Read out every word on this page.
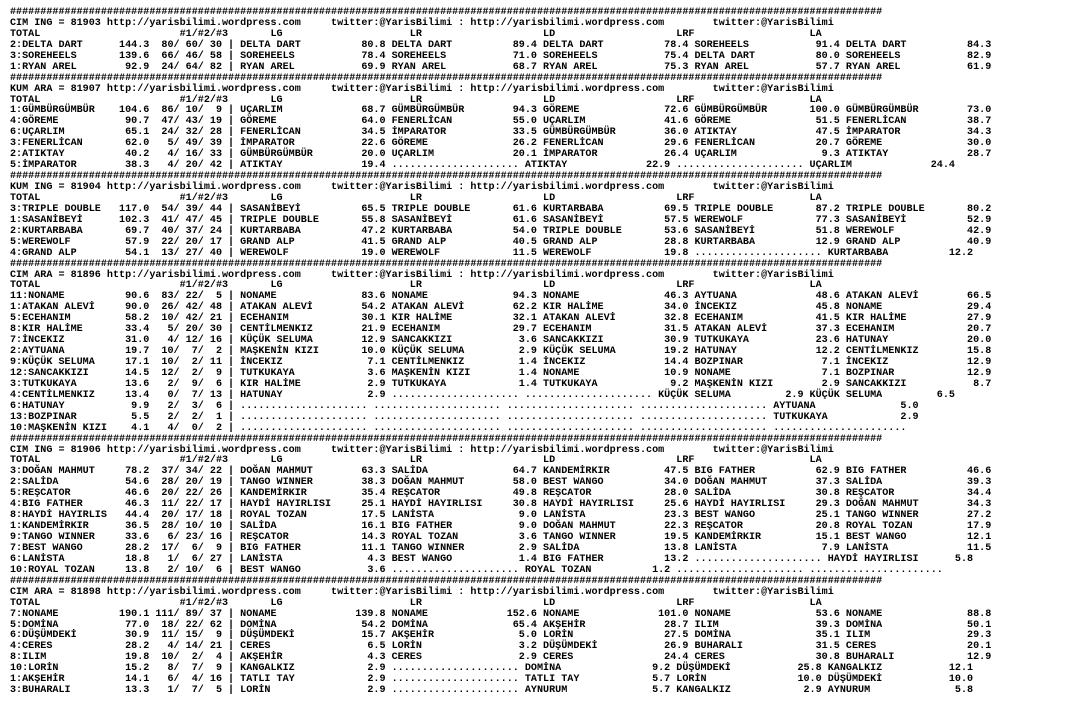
################################################################################################################################################
CIM ING = 81903 http://yarisbilimi.wordpress.com     twitter:@YarisBilimi : http://yarisbilimi.wordpress.com        twitter:@YarisBilimi
TOTAL                       #1/#2/#3       LG                     LR                    LD                    LRF                   LA
2:DELTA DART      144.3  80/ 60/ 30 | DELTA DART          80.8 DELTA DART          89.4 DELTA DART          78.4 SOREHEELS           91.4 DELTA DART          84.3
3:SOREHEELS       139.6  66/ 46/ 58 | SOREHEELS           78.4 SOREHEELS           71.0 SOREHEELS           75.4 DELTA DART          80.0 SOREHEELS           82.9
1:RYAN AREL        92.9  24/ 64/ 82 | RYAN AREL           69.9 RYAN AREL           68.7 RYAN AREL           75.3 RYAN AREL           57.7 RYAN AREL           61.9
################################################################################################################################################
KUM ARA = 81907 http://yarisbilimi.wordpress.com     twitter:@YarisBilimi : http://yarisbilimi.wordpress.com        twitter:@YarisBilimi
TOTAL                       #1/#2/#3       LG                     LR                    LD                    LRF                   LA
1:GÜMBÜRGÜMBÜR    104.6  86/ 10/  9 | UÇARLIM             68.7 GÜMBÜRGÜMBÜR        94.3 GÖREME              72.6 GÜMBÜRGÜMBÜR       100.0 GÜMBÜRGÜMBÜR        73.0
4:GÖREME           90.7  47/ 43/ 19 | GÖREME              64.0 FENERLİCAN          55.0 UÇARLIM             41.6 GÖREME              51.5 FENERLİCAN          38.7
6:UÇARLIM          65.1  24/ 32/ 28 | FENERLİCAN          34.5 İMPARATOR           33.5 GÜMBÜRGÜMBÜR        36.0 ATIKTAY             47.5 İMPARATOR           34.3
3:FENERLİCAN       62.0   5/ 49/ 39 | İMPARATOR           22.6 GÖREME              26.2 FENERLİCAN          29.6 FENERLİCAN          20.7 GÖREME              30.0
2:ATIKTAY          40.2   4/ 16/ 33 | GÜMBÜRGÜMBÜR        20.0 UÇARLIM             20.1 İMPARATOR           26.4 UÇARLIM              9.3 ATIKTAY             28.7
5:İMPARATOR        38.3   4/ 20/ 42 | ATIKTAY             19.4 ..................... ATIKTAY             22.9 ..................... UÇARLIM             24.4
################################################################################################################################################
KUM ING = 81904 http://yarisbilimi.wordpress.com     twitter:@YarisBilimi : http://yarisbilimi.wordpress.com        twitter:@YarisBilimi
TOTAL                       #1/#2/#3       LG                     LR                    LD                    LRF                   LA
3:TRIPLE DOUBLE   117.0  54/ 39/ 44 | SASANİBEYİ          65.5 TRIPLE DOUBLE       61.6 KURTARBABA          69.5 TRIPLE DOUBLE       87.2 TRIPLE DOUBLE       80.2
1:SASANİBEYİ      102.3  41/ 47/ 45 | TRIPLE DOUBLE       55.8 SASANİBEYİ          61.6 SASANİBEYİ          57.5 WEREWOLF            77.3 SASANİBEYİ          52.9
2:KURTARBABA       69.7  40/ 37/ 24 | KURTARBABA          47.2 KURTARBABA          54.0 TRIPLE DOUBLE       53.6 SASANİBEYİ          51.8 WEREWOLF            42.9
5:WEREWOLF         57.9  22/ 20/ 17 | GRAND ALP           41.5 GRAND ALP           40.5 GRAND ALP           28.8 KURTARBABA          12.9 GRAND ALP           40.9
4:GRAND ALP        54.1  13/ 27/ 40 | WEREWOLF            19.0 WEREWOLF            11.5 WEREWOLF            19.8 ..................... KURTARBABA          12.2
################################################################################################################################################
CIM ARA = 81896 http://yarisbilimi.wordpress.com     twitter:@YarisBilimi : http://yarisbilimi.wordpress.com        twitter:@YarisBilimi
TOTAL                       #1/#2/#3       LG                     LR                    LD                    LRF                   LA
11:NONAME          90.6  83/ 22/  5 | NONAME              83.6 NONAME              94.3 NONAME              46.3 AYTUANA             48.6 ATAKAN ALEVİ        66.5
1:ATAKAN ALEVİ     90.0  26/ 42/ 48 | ATAKAN ALEVİ        54.2 ATAKAN ALEVİ        62.2 KIR HALİME          34.0 İNCEKIZ             45.8 NONAME              29.4
5:ECEHANIM         58.2  10/ 42/ 21 | ECEHANIM            30.1 KIR HALİME          32.1 ATAKAN ALEVİ        32.8 ECEHANIM            41.5 KIR HALİME          27.9
8:KIR HALİME       33.4   5/ 20/ 30 | CENTİLMENKIZ        21.9 ECEHANIM            29.7 ECEHANIM            31.5 ATAKAN ALEVİ        37.3 ECEHANIM            20.7
7:İNCEKIZ          31.0   4/ 12/ 16 | KÜÇÜK SELUMA        12.9 SANCAKKIZI           3.6 SANCAKKIZI          30.9 TUTKUKAYA           23.6 HATUNAY             20.0
2:AYTUANA          19.7  10/  7/  2 | MAŞKENİN KIZI       10.0 KÜÇÜK SELUMA         2.9 KÜÇÜK SELUMA        19.2 HATUNAY             12.2 CENTİLMENKIZ        15.8
9:KÜÇÜK SELUMA     17.1  10/  2/ 11 | İNCEKIZ              7.1 CENTİLMENKIZ         1.4 İNCEKIZ             14.4 BOZPINAR             7.1 İNCEKIZ             12.9
12:SANCAKKIZI      14.5  12/  2/  9 | TUTKUKAYA            3.6 MAŞKENİN KIZI        1.4 NONAME              10.9 NONAME               7.1 BOZPINAR            12.9
3:TUTKUKAYA        13.6   2/  9/  6 | KIR HALİME           2.9 TUTKUKAYA            1.4 TUTKUKAYA            9.2 MAŞKENİN KIZI        2.9 SANCAKKIZI           8.7
4:CENTİLMENKIZ     13.4   0/  7/ 13 | HATUNAY              2.9 ..................... ..................... KÜÇÜK SELUMA         2.9 KÜÇÜK SELUMA         6.5
6:HATUNAY           9.9   2/  3/  6 | ..................... ..................... ..................... ..................... AYTUANA              5.0
13:BOZPINAR         5.5   2/  2/  1 | ..................... ..................... ..................... ..................... TUTKUKAYA            2.9
10:MAŞKENİN KIZI    4.1   4/  0/  2 | ..................... ..................... ..................... ..................... ......................
################################################################################################################################################
CIM ING = 81906 http://yarisbilimi.wordpress.com     twitter:@YarisBilimi : http://yarisbilimi.wordpress.com        twitter:@YarisBilimi
TOTAL                       #1/#2/#3       LG                     LR                    LD                    LRF                   LA
3:DOĞAN MAHMUT     78.2  37/ 34/ 22 | DOĞAN MAHMUT        63.3 SALİDA              64.7 KANDEMİRKIR         47.5 BIG FATHER          62.9 BIG FATHER          46.6
2:SALİDA           54.6  28/ 20/ 19 | TANGO WINNER        38.3 DOĞAN MAHMUT        58.0 BEST WANGO          34.0 DOĞAN MAHMUT        37.3 SALİDA              39.3
5:REŞCATOR         46.6  20/ 22/ 26 | KANDEMİRKIR         35.4 REŞCATOR            49.8 REŞCATOR            28.0 SALİDA              30.8 REŞCATOR            34.4
4:BIG FATHER       46.3  11/ 22/ 17 | HAYDİ HAYIRLISI     25.1 HAYDİ HAYIRLISI     30.8 HAYDİ HAYIRLISI     25.6 HAYDİ HAYIRLISI     29.3 DOĞAN MAHMUT        34.3
8:HAYDİ HAYIRLIS   44.4  20/ 17/ 18 | ROYAL TOZAN         17.5 LANİSTA              9.0 LANİSTA             23.3 BEST WANGO          25.1 TANGO WINNER        27.2
1:KANDEMİRKIR      36.5  28/ 10/ 10 | SALİDA              16.1 BIG FATHER           9.0 DOĞAN MAHMUT        22.3 REŞCATOR            20.8 ROYAL TOZAN         17.9
9:TANGO WINNER     33.6   6/ 23/ 16 | REŞCATOR            14.3 ROYAL TOZAN          3.6 TANGO WINNER        19.5 KANDEMİRKIR         15.1 BEST WANGO          12.1
7:BEST WANGO       28.2  17/  6/  9 | BIG FATHER          11.1 TANGO WINNER         2.9 SALİDA              13.8 LANİSTA              7.9 LANİSTA             11.5
6:LANİSTA          18.8   1/  6/ 27 | LANİSTA              4.3 BEST WANGO           1.4 BIG FATHER          13.2 ..................... HAYDİ HAYIRLISI      5.8
10:ROYAL TOZAN     13.8   2/ 10/  6 | BEST WANGO           3.6 ..................... ROYAL TOZAN          1.2 ..................... ......................
################################################################################################################################################
CIM ARA = 81898 http://yarisbilimi.wordpress.com     twitter:@YarisBilimi : http://yarisbilimi.wordpress.com        twitter:@YarisBilimi
TOTAL                       #1/#2/#3       LG                     LR                    LD                    LRF                   LA
7:NONAME          190.1 111/ 89/ 37 | NONAME             139.8 NONAME             152.6 NONAME             101.0 NONAME              53.6 NONAME              88.8
5:DOMİNA           77.0  18/ 22/ 62 | DOMİNA              54.2 DOMİNA              65.4 AKŞEHİR             28.7 ILIM                39.3 DOMİNA              50.1
6:DÜŞÜMDEKİ        30.9  11/ 15/  9 | DÜŞÜMDEKİ           15.7 AKŞEHİR              5.0 LORİN               27.5 DOMİNA              35.1 ILIM                29.3
4:CERES            28.2   4/ 14/ 21 | CERES                6.5 LORİN                3.2 DÜŞÜMDEKİ           26.9 BUHARALI            31.5 CERES               20.1
8:ILIM             19.8  10/  2/  4 | AKŞEHİR              4.3 CERES                2.9 CERES               24.4 CERES               30.8 BUHARALI            12.9
10:LORİN           15.2   8/  7/  9 | KANGALKIZ            2.9 ..................... DOMİNA               9.2 DÜŞÜMDEKİ           25.8 KANGALKIZ           12.1
1:AKŞEHİR          14.1   6/  4/ 16 | TATLI TAY            2.9 ..................... TATLI TAY            5.7 LORİN               10.0 DÜŞÜMDEKİ           10.0
3:BUHARALI         13.3   1/  7/  5 | LORİN                2.9 ..................... AYNURUM              5.7 KANGALKIZ            2.9 AYNURUM              5.8
